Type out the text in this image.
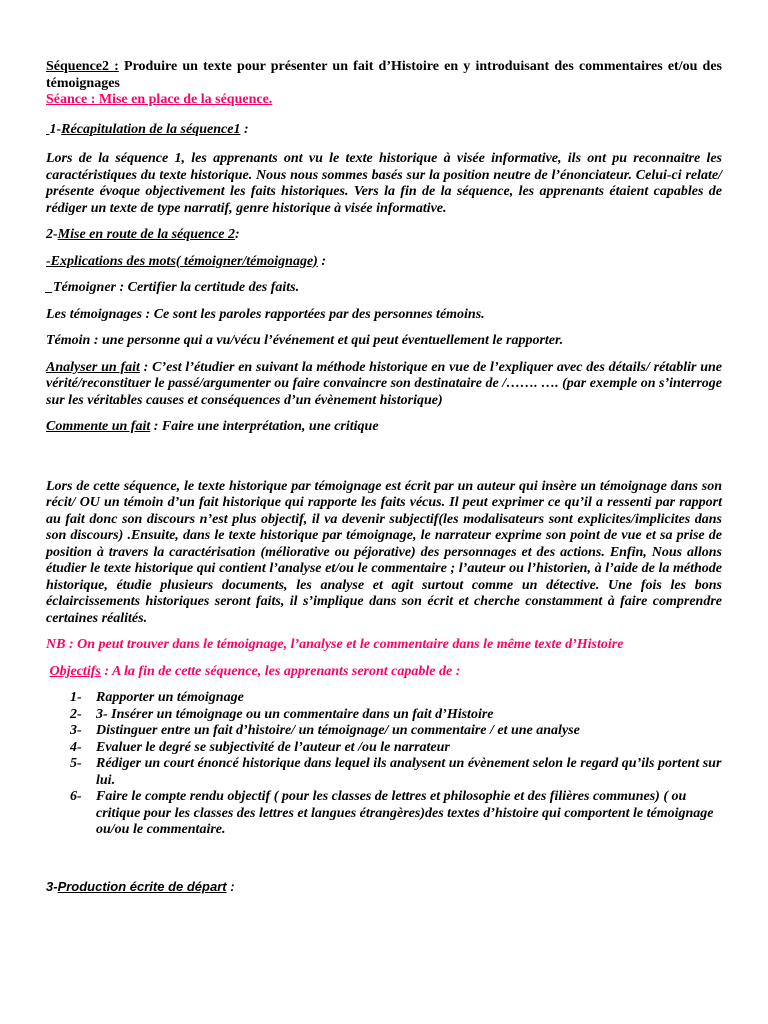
Séquence2 : Produire un texte pour présenter un fait d’Histoire en y introduisant des commentaires et/ou des témoignages

Séance : Mise en place de la séquence.

1-Récapitulation de la séquence1 :

Lors de la séquence 1, les apprenants ont vu le texte historique à visée informative, ils ont pu reconnaitre les caractéristiques du texte historique. Nous nous sommes basés sur la position neutre de l’énonciateur. Celui-ci relate/ présente évoque objectivement les faits historiques. Vers la fin de la séquence, les apprenants étaient capables de rédiger un texte de type narratif, genre historique à visée informative.

2-Mise en route de la séquence 2:

-Explications des mots( témoigner/témoignage) :

_Témoigner : Certifier la certitude des faits.

Les témoignages : Ce sont les paroles rapportées par des personnes témoins.

Témoin : une personne qui a vu/vécu l’événement et qui peut éventuellement le rapporter.

Analyser un fait : C’est l’étudier en suivant la méthode historique en vue de l’expliquer avec des détails/ rétablir une vérité/reconstituer le passé/argumenter ou faire convaincre son destinataire de /……. …. (par exemple on s’interroge sur les véritables causes et conséquences d’un évènement historique)

Commente un fait : Faire une interprétation, une critique

Lors de cette séquence, le texte historique par témoignage est écrit par un auteur qui insère un témoignage dans son récit/ OU un témoin d’un fait historique qui rapporte les faits vécus. Il peut exprimer ce qu’il a ressenti par rapport au fait donc son discours n’est plus objectif, il va devenir subjectif(les modalisateurs sont explicites/implicites dans son discours) .Ensuite, dans le texte historique par témoignage, le narrateur exprime son point de vue et sa prise de position à travers la caractérisation (méliorative ou péjorative) des personnages et des actions. Enfin, Nous allons étudier le texte historique qui contient l’analyse et/ou le commentaire ; l’auteur ou l’historien, à l’aide de la méthode historique, étudie plusieurs documents, les analyse et agit surtout comme un détective. Une fois les bons éclaircissements historiques seront faits, il s’implique dans son écrit et cherche constamment à faire comprendre certaines réalités.

NB : On peut trouver dans le témoignage, l’analyse et le commentaire dans le même texte d’Histoire

Objectifs : A la fin de cette séquence, les apprenants seront capable de :

1-	Rapporter un témoignage
2-	3- Insérer un témoignage ou un commentaire dans un fait d’Histoire
3-	Distinguer entre un fait d’histoire/ un témoignage/ un commentaire / et une analyse
4-	Evaluer le degré se subjectivité de l’auteur et /ou le narrateur
5-	Rédiger un court énoncé historique dans lequel ils analysent un évènement selon le regard qu’ils portent sur lui.
6-	Faire le compte rendu objectif ( pour les classes de lettres et philosophie et des filières communes) ( ou critique pour les classes des lettres et langues étrangères)des textes d’histoire qui comportent le témoignage ou/ou le commentaire.

3-Production écrite de départ :
